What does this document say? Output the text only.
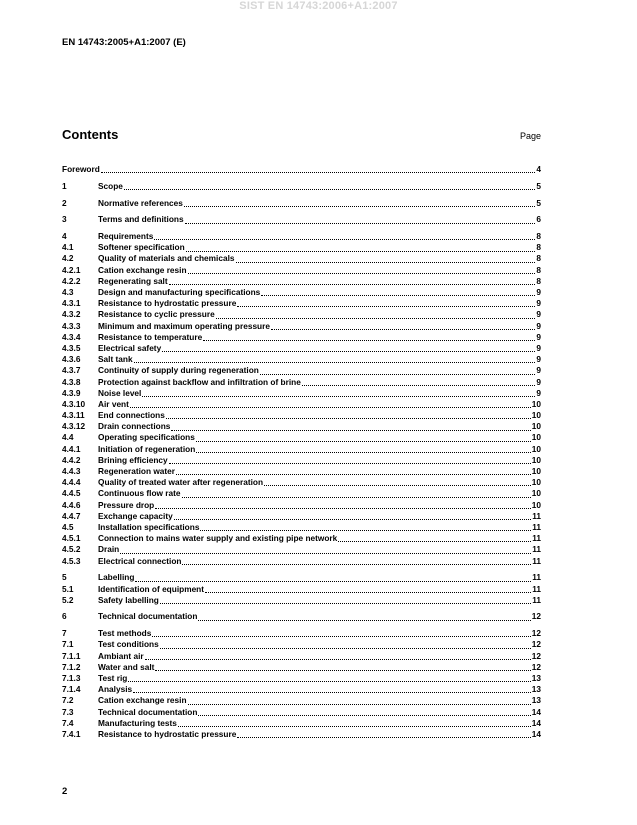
SIST EN 14743:2006+A1:2007
EN 14743:2005+A1:2007 (E)
Contents	Page
Foreword	4
1	Scope	5
2	Normative references	5
3	Terms and definitions	6
4	Requirements	8
4.1	Softener specification	8
4.2	Quality of materials and chemicals	8
4.2.1	Cation exchange resin	8
4.2.2	Regenerating salt	8
4.3	Design and manufacturing specifications	9
4.3.1	Resistance to hydrostatic pressure	9
4.3.2	Resistance to cyclic pressure	9
4.3.3	Minimum and maximum operating pressure	9
4.3.4	Resistance to temperature	9
4.3.5	Electrical safety	9
4.3.6	Salt tank	9
4.3.7	Continuity of supply during regeneration	9
4.3.8	Protection against backflow and infiltration of brine	9
4.3.9	Noise level	9
4.3.10	Air vent	10
4.3.11	End connections	10
4.3.12	Drain connections	10
4.4	Operating specifications	10
4.4.1	Initiation of regeneration	10
4.4.2	Brining efficiency	10
4.4.3	Regeneration water	10
4.4.4	Quality of treated water after regeneration	10
4.4.5	Continuous flow rate	10
4.4.6	Pressure drop	10
4.4.7	Exchange capacity	11
4.5	Installation specifications	11
4.5.1	Connection to mains water supply and existing pipe network	11
4.5.2	Drain	11
4.5.3	Electrical connection	11
5	Labelling	11
5.1	Identification of equipment	11
5.2	Safety labelling	11
6	Technical documentation	12
7	Test methods	12
7.1	Test conditions	12
7.1.1	Ambiant air	12
7.1.2	Water and salt	12
7.1.3	Test rig	13
7.1.4	Analysis	13
7.2	Cation exchange resin	13
7.3	Technical documentation	14
7.4	Manufacturing tests	14
7.4.1	Resistance to hydrostatic pressure	14
2
